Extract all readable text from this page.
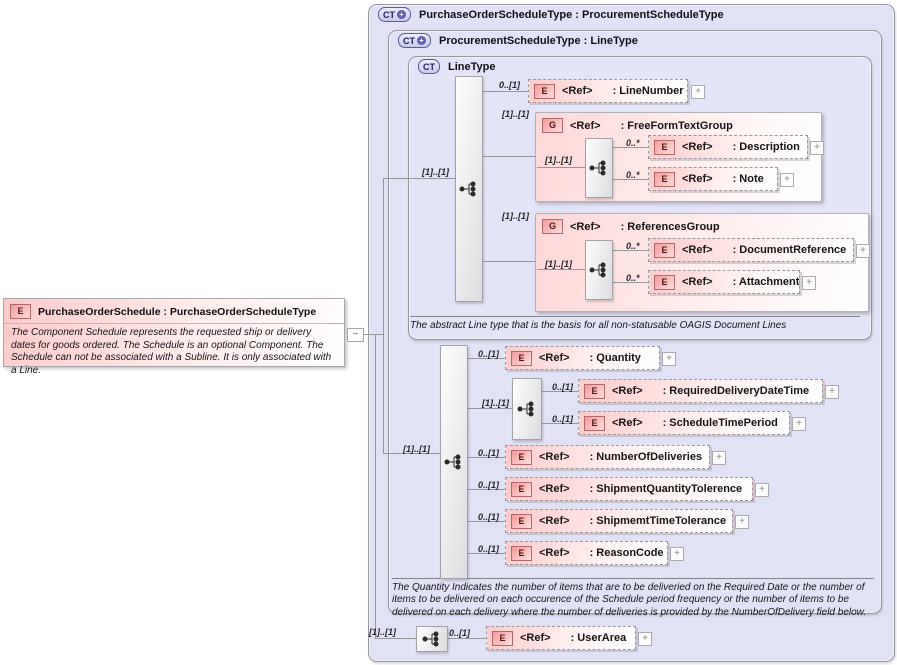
CT + PurchaseOrderScheduleType : ProcurementScheduleType
CT + ProcurementScheduleType : LineType
CT LineType
The abstract Line type that is the basis for all non-statusable OAGIS Document Lines
The Quantity Indicates the number of items that are to be deliveried on the Required Date or the number of items to be delivered on each occurence of the Schedule period frequency or the number of items to be delivered on each delivery where the number of deliveries is provided by the NumberOfDelivery field below.
E	PurchaseOrderSchedule : PurchaseOrderScheduleType
The Component Schedule represents the requested ship or delivery dates for goods ordered. The Schedule is an optional Component. The Schedule can not be associated with a Subline. It is only associated with a Line.
−
G	<Ref> : FreeFormTextGroup
G	<Ref> : ReferencesGroup
[1]..[1]
0..[1]
[1]..[1]
[1]..[1]
0..*
0..*
[1]..[1]
[1]..[1]
0..*
0..*
[1]..[1]
0..[1]
[1]..[1]
0..[1]
0..[1]
0..[1]
0..[1]
0..[1]
0..[1]
[1]..[1]	0..[1]
E	<Ref> : LineNumber	+
E	<Ref> : Description	+
E	<Ref> : Note	+
E	<Ref> : DocumentReference	+
E	<Ref> : Attachment +
E	<Ref> : Quantity	+
E	<Ref> : RequiredDeliveryDateTime	+
E	<Ref> : ScheduleTimePeriod	+
E	<Ref> : NumberOfDeliveries	+
E	<Ref> : ShipmentQuantityTolerence	+
E	<Ref> : ShipmemtTimeTolerance	+
E	<Ref> : ReasonCode	+
E	<Ref> : UserArea	+
